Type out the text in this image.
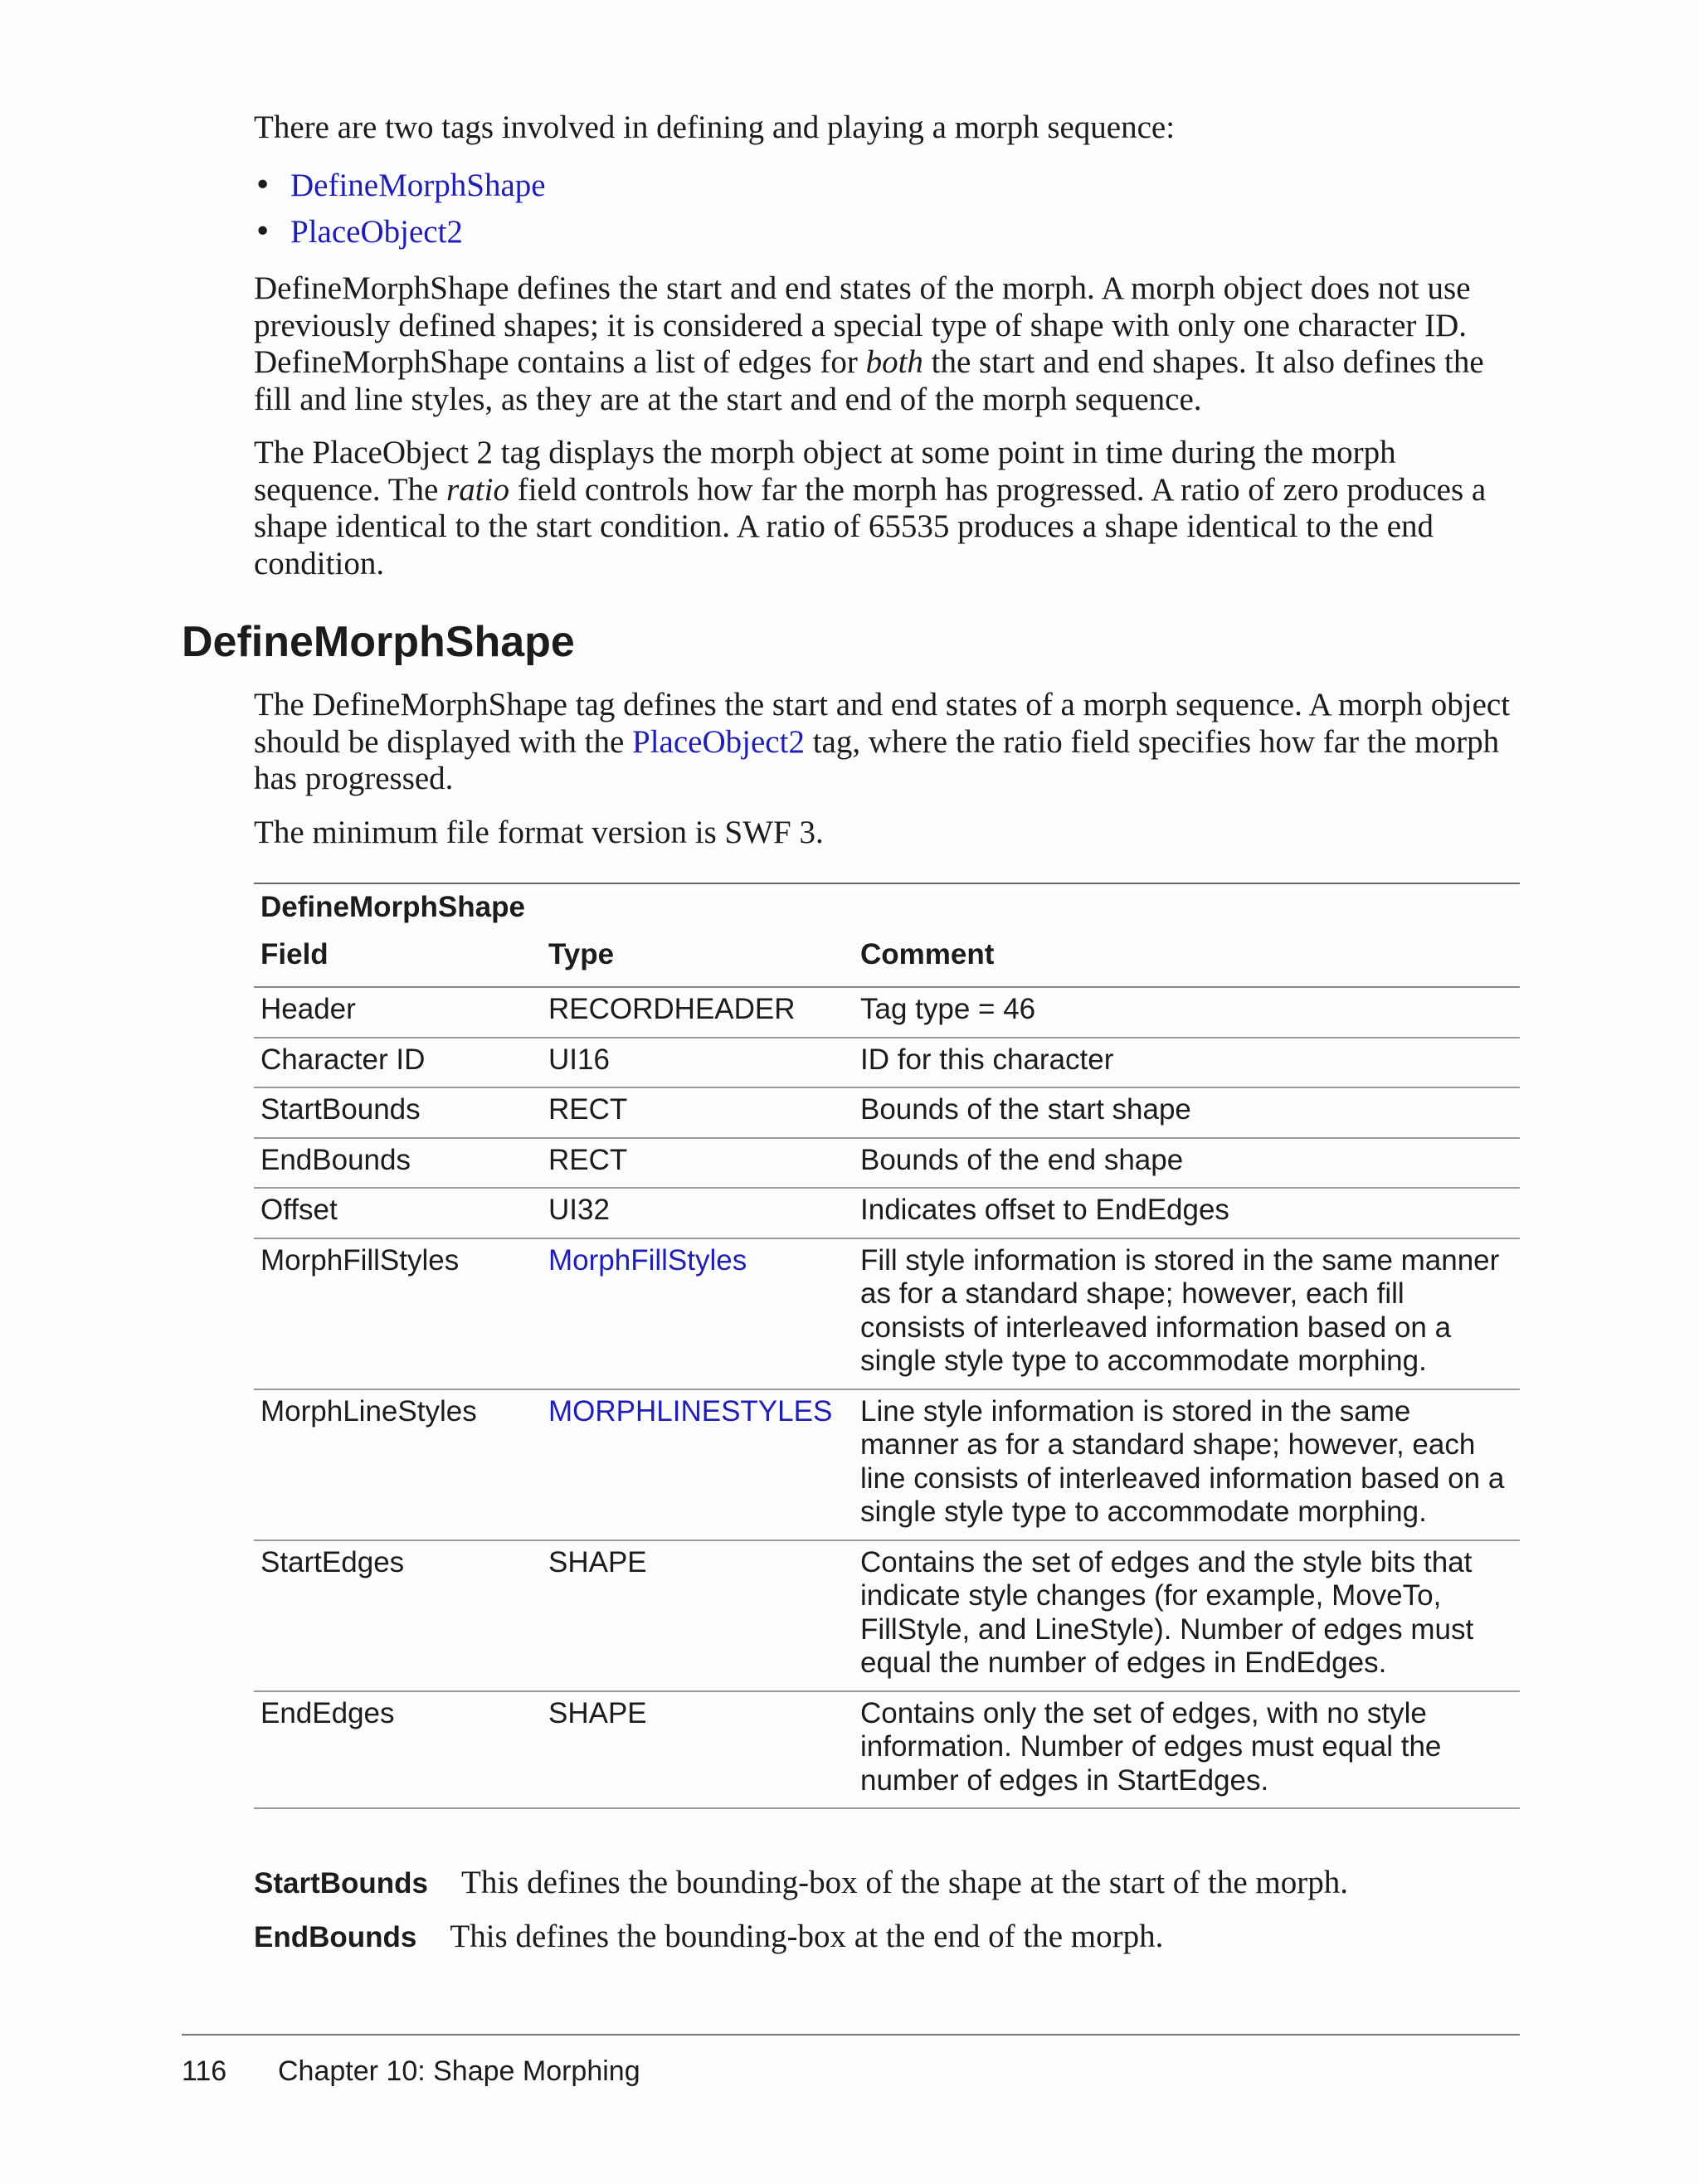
There are two tags involved in defining and playing a morph sequence:

• DefineMorphShape
• PlaceObject2

DefineMorphShape defines the start and end states of the morph. A morph object does not use previously defined shapes; it is considered a special type of shape with only one character ID. DefineMorphShape contains a list of edges for both the start and end shapes. It also defines the fill and line styles, as they are at the start and end of the morph sequence.

The PlaceObject 2 tag displays the morph object at some point in time during the morph sequence. The ratio field controls how far the morph has progressed. A ratio of zero produces a shape identical to the start condition. A ratio of 65535 produces a shape identical to the end condition.

DefineMorphShape

The DefineMorphShape tag defines the start and end states of a morph sequence. A morph object should be displayed with the PlaceObject2 tag, where the ratio field specifies how far the morph has progressed.

The minimum file format version is SWF 3.

DefineMorphShape		
Field	Type	Comment
Header	RECORDHEADER	Tag type = 46
Character ID	UI16	ID for this character
StartBounds	RECT	Bounds of the start shape
EndBounds	RECT	Bounds of the end shape
Offset	UI32	Indicates offset to EndEdges
MorphFillStyles	MorphFillStyles	Fill style information is stored in the same manner as for a standard shape; however, each fill consists of interleaved information based on a single style type to accommodate morphing.
MorphLineStyles	MORPHLINESTYLES	Line style information is stored in the same manner as for a standard shape; however, each line consists of interleaved information based on a single style type to accommodate morphing.
StartEdges	SHAPE	Contains the set of edges and the style bits that indicate style changes (for example, MoveTo, FillStyle, and LineStyle). Number of edges must equal the number of edges in EndEdges.
EndEdges	SHAPE	Contains only the set of edges, with no style information. Number of edges must equal the number of edges in StartEdges.
StartBounds This defines the bounding-box of the shape at the start of the morph.
EndBounds This defines the bounding-box at the end of the morph.
116	Chapter 10: Shape Morphing
